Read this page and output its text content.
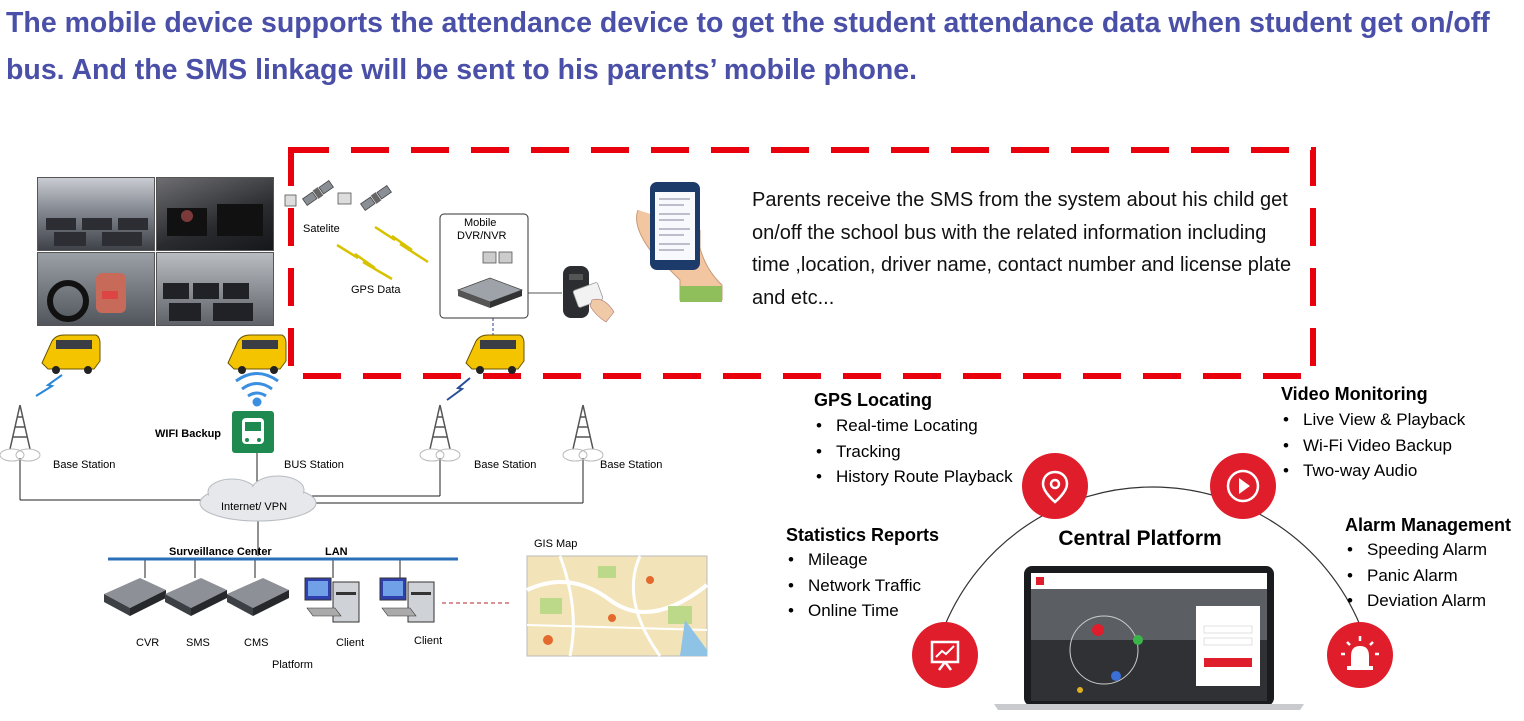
The mobile device supports the attendance device to get the student attendance data when student get on/off bus. And the SMS linkage will be sent to his parents’ mobile phone.
Satelite
GPS Data
Mobile
DVR/NVR
WIFI Backup
Base Station	BUS Station	Base Station	Base Station
Internet/ VPN
Surveillance Center	LAN
CVR SMS	CMS	Client	Client
Platform
GIS Map
Parents receive the SMS from the system about his child get on/off the school bus with the related information including time ,location, driver name, contact number and license plate and etc...
GPS Locating
• Real-time Locating
• Tracking
• History Route Playback
Video Monitoring
• Live View & Playback
• Wi-Fi Video Backup
• Two-way Audio
Statistics Reports
• Mileage
• Network Traffic
• Online Time
Alarm Management
• Speeding Alarm
• Panic Alarm
• Deviation Alarm
Central Platform
